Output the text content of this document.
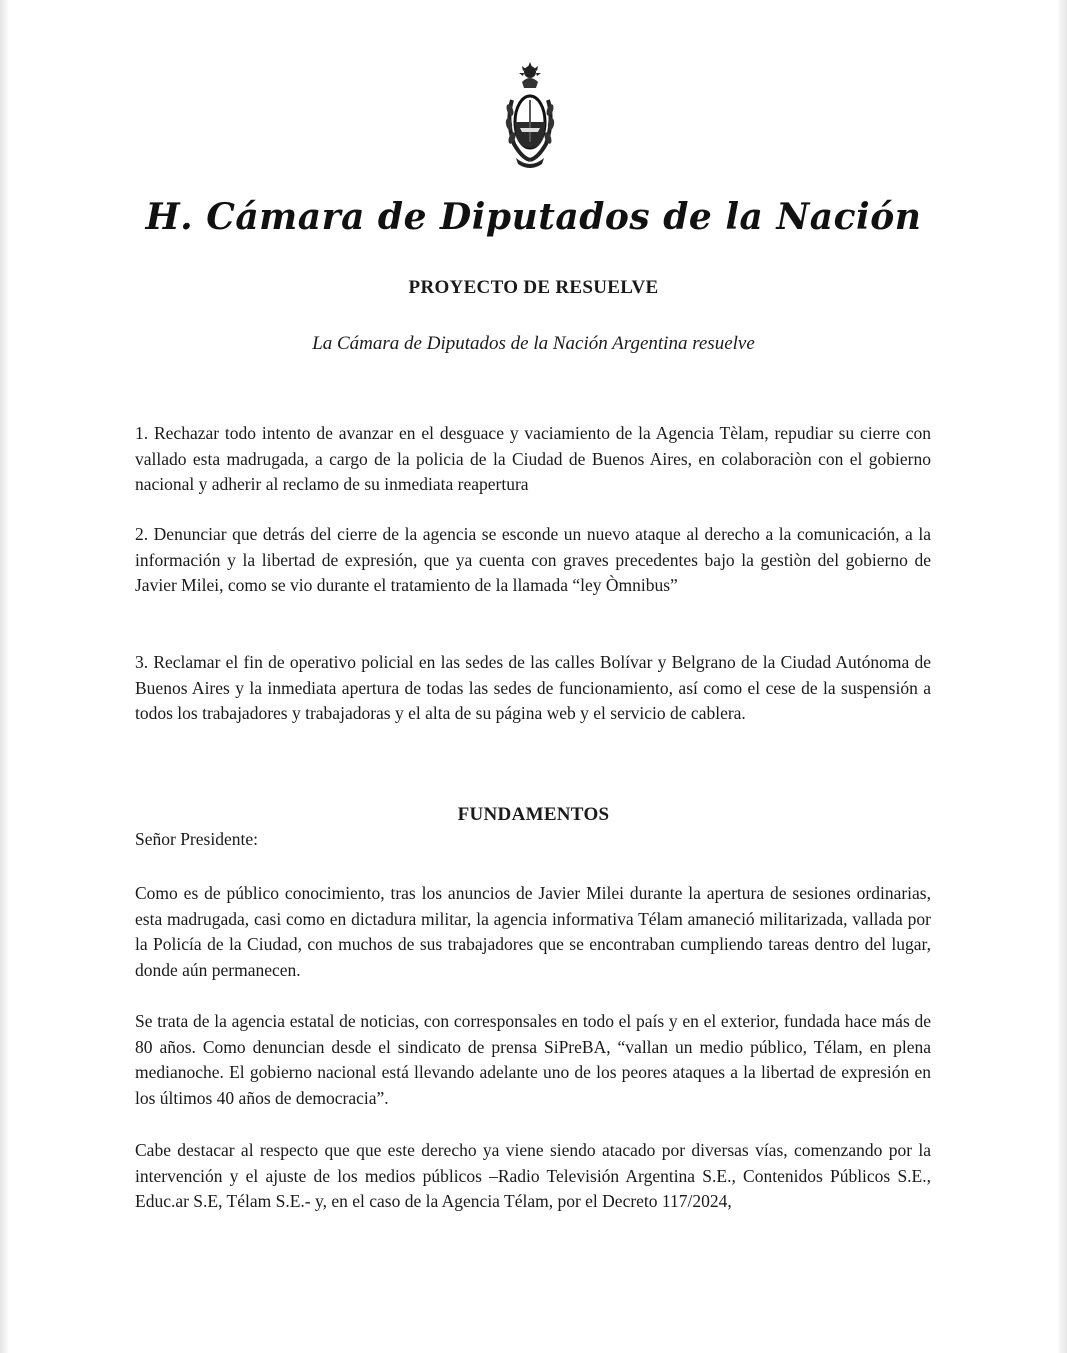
H. Cámara de Diputados de la Nación
PROYECTO DE RESUELVE
La Cámara de Diputados de la Nación Argentina resuelve

1. Rechazar todo intento de avanzar en el desguace y vaciamiento de la Agencia Tèlam, repudiar su cierre con vallado esta madrugada, a cargo de la policia de la Ciudad de Buenos Aires, en colaboraciòn con el gobierno nacional y adherir al reclamo de su inmediata reapertura

2. Denunciar que detrás del cierre de la agencia se esconde un nuevo ataque al derecho a la comunicación, a la información y la libertad de expresión, que ya cuenta con graves precedentes bajo la gestiòn del gobierno de Javier Milei, como se vio durante el tratamiento de la llamada “ley Òmnibus”

3. Reclamar el fin de operativo policial en las sedes de las calles Bolívar y Belgrano de la Ciudad Autónoma de Buenos Aires y la inmediata apertura de todas las sedes de funcionamiento, así como el cese de la suspensión a todos los trabajadores y trabajadoras y el alta de su página web y el servicio de cablera.

FUNDAMENTOS
Señor Presidente:

Como es de público conocimiento, tras los anuncios de Javier Milei durante la apertura de sesiones ordinarias, esta madrugada, casi como en dictadura militar, la agencia informativa Télam amaneció militarizada, vallada por la Policía de la Ciudad, con muchos de sus trabajadores que se encontraban cumpliendo tareas dentro del lugar, donde aún permanecen.

Se trata de la agencia estatal de noticias, con corresponsales en todo el país y en el exterior, fundada hace más de 80 años. Como denuncian desde el sindicato de prensa SiPreBA, “vallan un medio público, Télam, en plena medianoche. El gobierno nacional está llevando adelante uno de los peores ataques a la libertad de expresión en los últimos 40 años de democracia”.

Cabe destacar al respecto que que este derecho ya viene siendo atacado por diversas vías, comenzando por la intervención y el ajuste de los medios públicos –Radio Televisión Argentina S.E., Contenidos Públicos S.E., Educ.ar S.E, Télam S.E.- y, en el caso de la Agencia Télam, por el Decreto 117/2024,
